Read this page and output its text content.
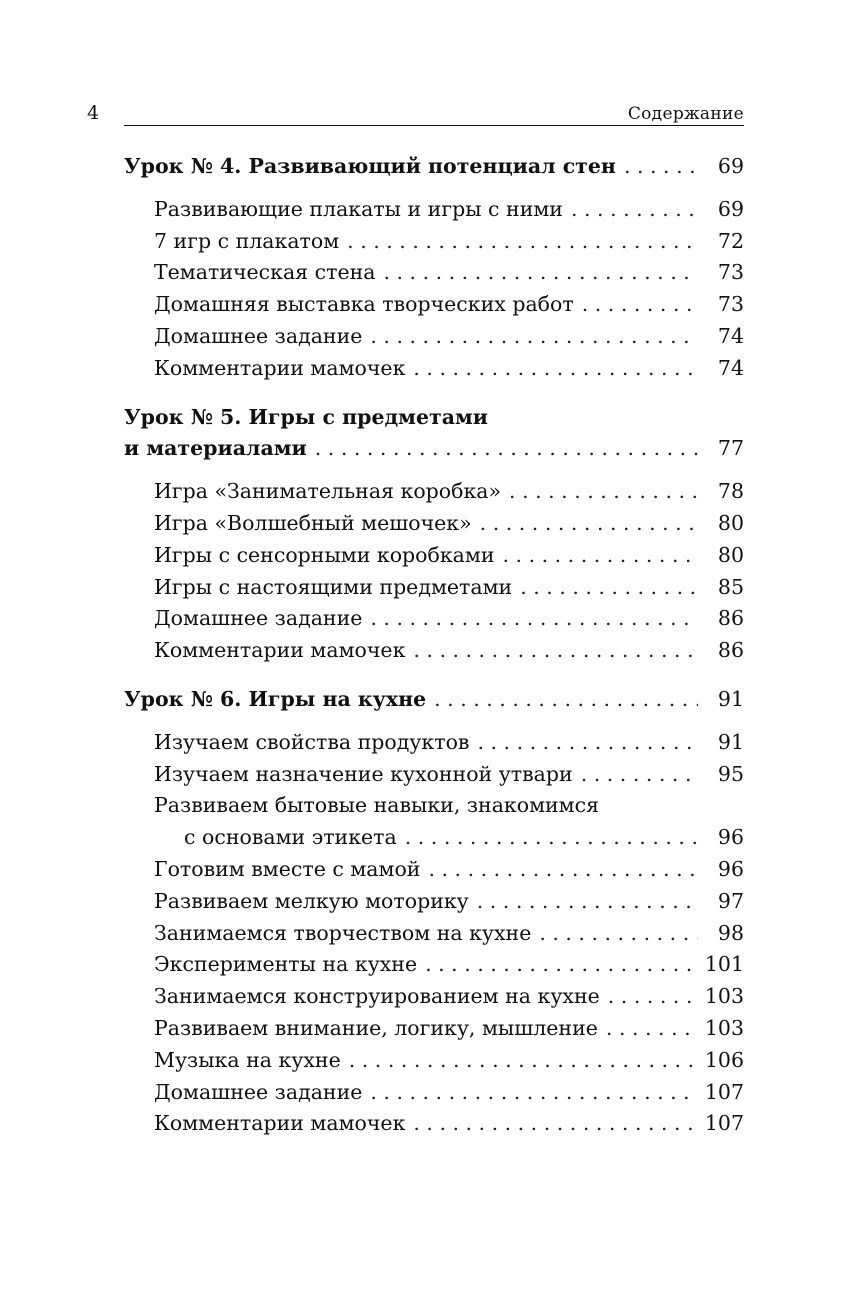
4	Содержание
Урок № 4. Развивающий потенциал стен . . .	69
Развивающие плакаты и игры с ними . . .	69
7 игр с плакатом . . .	72
Тематическая стена . . .	73
Домашняя выставка творческих работ . . .	73
Домашнее задание . . .	74
Комментарии мамочек . . .	74
Урок № 5. Игры с предметами
и материалами . . .	77
Игра «Занимательная коробка» . . .	78
Игра «Волшебный мешочек» . . .	80
Игры с сенсорными коробками . . .	80
Игры с настоящими предметами . . .	85
Домашнее задание . . .	86
Комментарии мамочек . . .	86
Урок № 6. Игры на кухне . . .	91
Изучаем свойства продуктов . . .	91
Изучаем назначение кухонной утвари . . .	95
Развиваем бытовые навыки, знакомимся
с основами этикета . . .	96
Готовим вместе с мамой . . .	96
Развиваем мелкую моторику . . .	97
Занимаемся творчеством на кухне . . .	98
Эксперименты на кухне . . .	101
Занимаемся конструированием на кухне . . .	103
Развиваем внимание, логику, мышление . . .	103
Музыка на кухне . . .	106
Домашнее задание . . .	107
Комментарии мамочек . . .	107
